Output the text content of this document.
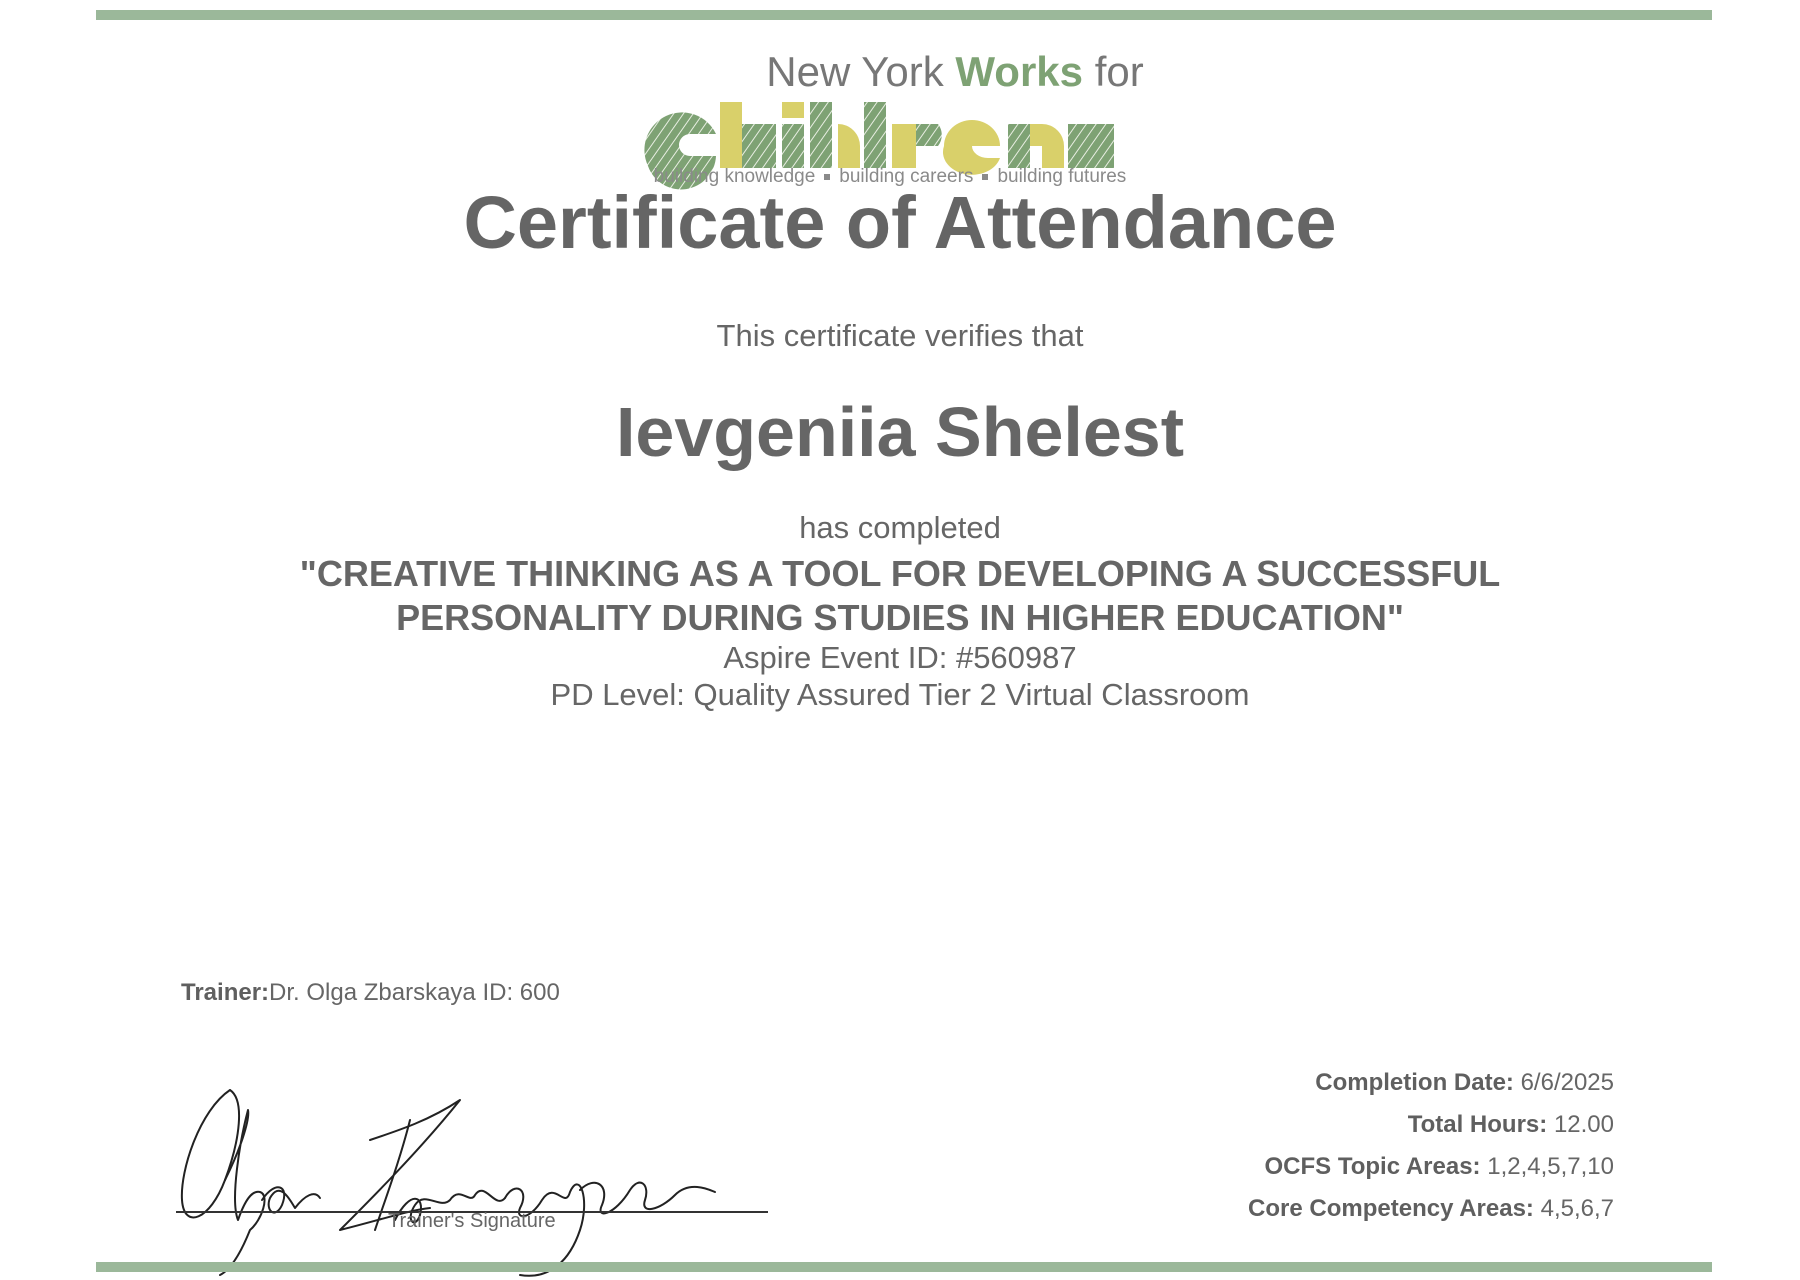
New York Works for
building knowledge building careers building futures
Certificate of Attendance
This certificate verifies that
Ievgeniia Shelest
has completed
"CREATIVE THINKING AS A TOOL FOR DEVELOPING A SUCCESSFUL
PERSONALITY DURING STUDIES IN HIGHER EDUCATION"
Aspire Event ID: #560987
PD Level: Quality Assured Tier 2 Virtual Classroom
Trainer:Dr. Olga Zbarskaya ID: 600
Trainer's Signature
Completion Date: 6/6/2025
Total Hours: 12.00
OCFS Topic Areas: 1,2,4,5,7,10
Core Competency Areas: 4,5,6,7
